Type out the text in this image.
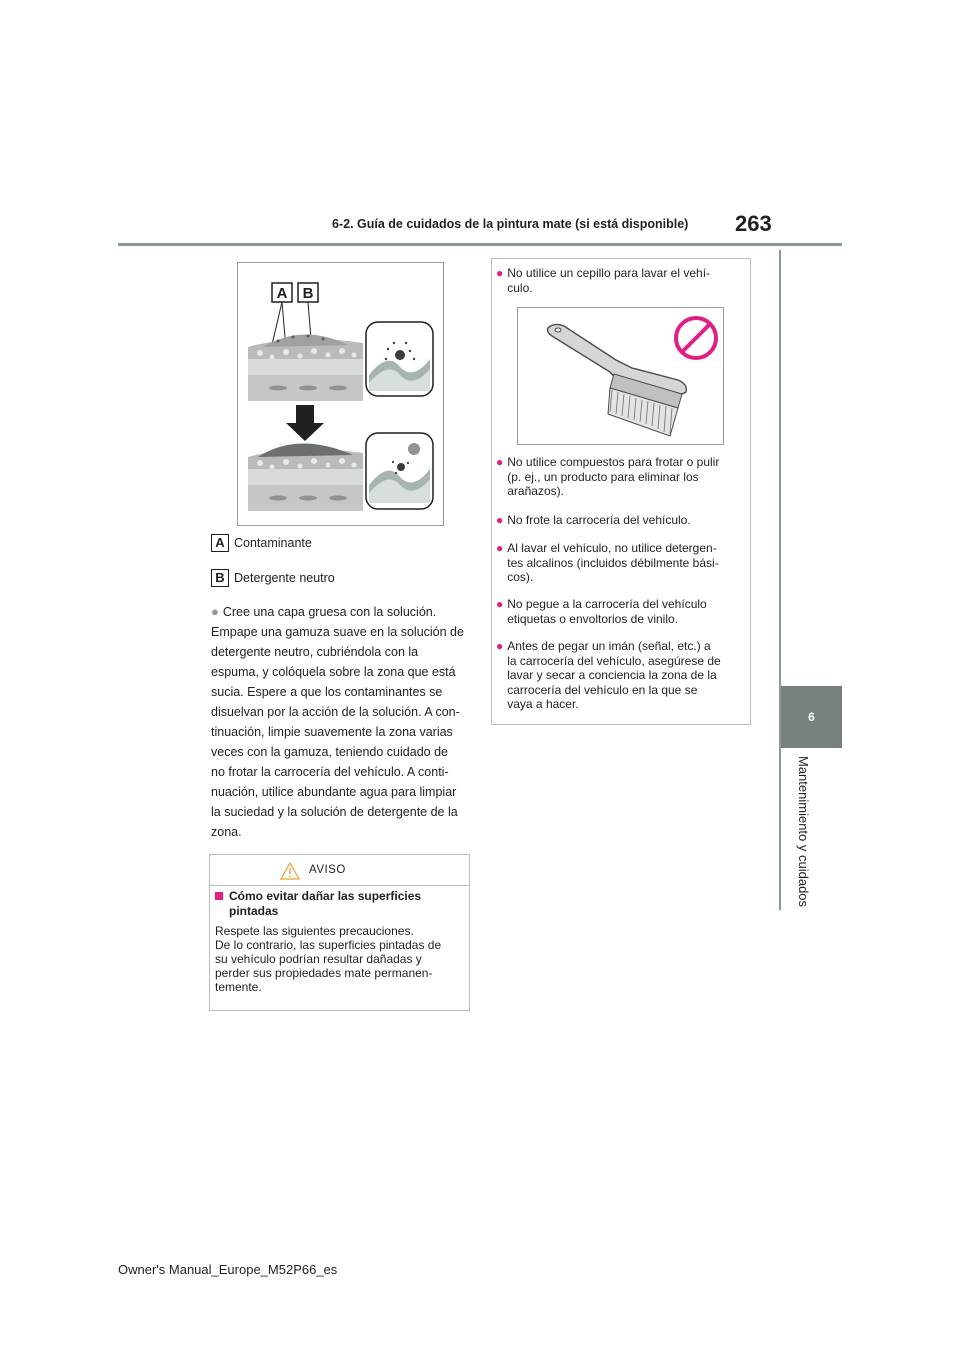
6-2. Guía de cuidados de la pintura mate (si está disponible) 263
6
Mantenimiento y cuidados
A B
A Contaminante
B Detergente neutro

● Cree una capa gruesa con la solución.

Empape una gamuza suave en la solución de

detergente neutro, cubriéndola con la

espuma, y colóquela sobre la zona que está

sucia. Espere a que los contaminantes se

disuelvan por la acción de la solución. A con-

tinuación, limpie suavemente la zona varias

veces con la gamuza, teniendo cuidado de

no frotar la carrocería del vehículo. A conti-

nuación, utilice abundante agua para limpiar

la suciedad y la solución de detergente de la

zona.

AVISO
Cómo evitar dañar las superficies pintadas
Respete las siguientes precauciones.
De lo contrario, las superficies pintadas de
su vehículo podrían resultar dañadas y
perder sus propiedades mate permanen-
temente.
● No utilice un cepillo para lavar el vehí-
culo.
● No utilice compuestos para frotar o pulir
(p. ej., un producto para eliminar los
arañazos).
● No frote la carrocería del vehículo.
● Al lavar el vehículo, no utilice detergen-
tes alcalinos (incluidos débilmente bási-
cos).
● No pegue a la carrocería del vehículo
etiquetas o envoltorios de vinilo.
● Antes de pegar un imán (señal, etc.) a
la carrocería del vehículo, asegúrese de
lavar y secar a conciencia la zona de la
carrocería del vehículo en la que se
vaya a hacer.
Owner's Manual_Europe_M52P66_es
